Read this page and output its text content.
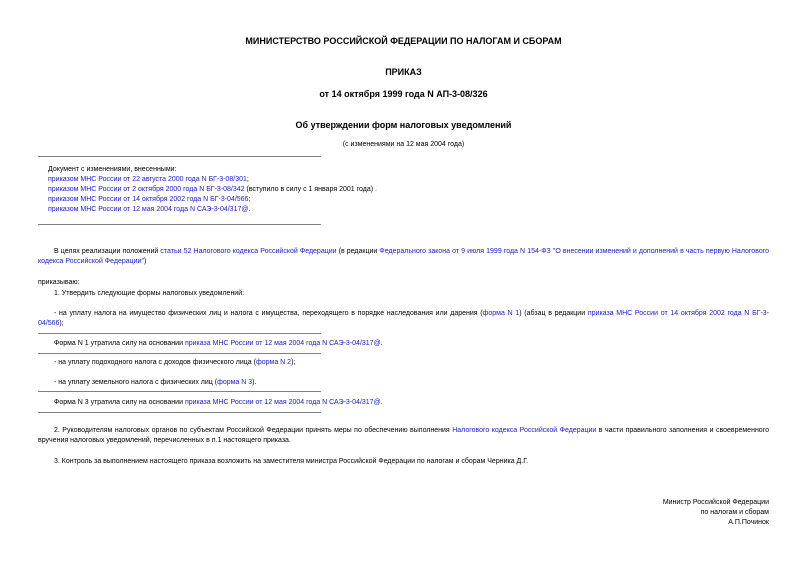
МИНИСТЕРСТВО РОССИЙСКОЙ ФЕДЕРАЦИИ ПО НАЛОГАМ И СБОРАМ
ПРИКАЗ
от 14 октября 1999 года N АП-3-08/326
Об утверждении форм налоговых уведомлений
(с изменениями на 12 мая 2004 года)
Документ с изменениями, внесенными:
приказом МНС России от 22 августа 2000 года N БГ-3-08/301;
приказом МНС России от 2 октября 2000 года N БГ-3-08/342 (вступило в силу с 1 января 2001 года) .
приказом МНС России от 14 октября 2002 года N БГ-3-04/566;
приказом МНС России от 12 мая 2004 года N САЭ-3-04/317@.
В целях реализации положений статьи 52 Налогового кодекса Российской Федерации (в редакции Федерального закона от 9 июля 1999 года N 154-ФЗ "О внесении изменений и дополнений в часть первую Налогового кодекса Российской Федерации")
приказываю:
1. Утвердить следующие формы налоговых уведомлений:
- на уплату налога на имущество физических лиц и налога с имущества, переходящего в порядке наследования или дарения (форма N 1) (абзац в редакции приказа МНС России от 14 октября 2002 года N БГ-3-04/566);
Форма N 1 утратила силу на основании приказа МНС России от 12 мая 2004 года N САЭ-3-04/317@.
- на уплату подоходного налога с доходов физического лица (форма N 2);
- на уплату земельного налога с физических лиц (форма N 3).
Форма N 3 утратила силу на основании приказа МНС России от 12 мая 2004 года N САЭ-3-04/317@.
2. Руководителям налоговых органов по субъектам Российской Федерации принять меры по обеспечению выполнения Налогового кодекса Российской Федерации в части правильного заполнения и своевременного вручения налоговых уведомлений, перечисленных в п.1 настоящего приказа.
3. Контроль за выполнением настоящего приказа возложить на заместителя министра Российской Федерации по налогам и сборам Черника Д.Г.
Министр Российской Федерации
по налогам и сборам
А.П.Починок
